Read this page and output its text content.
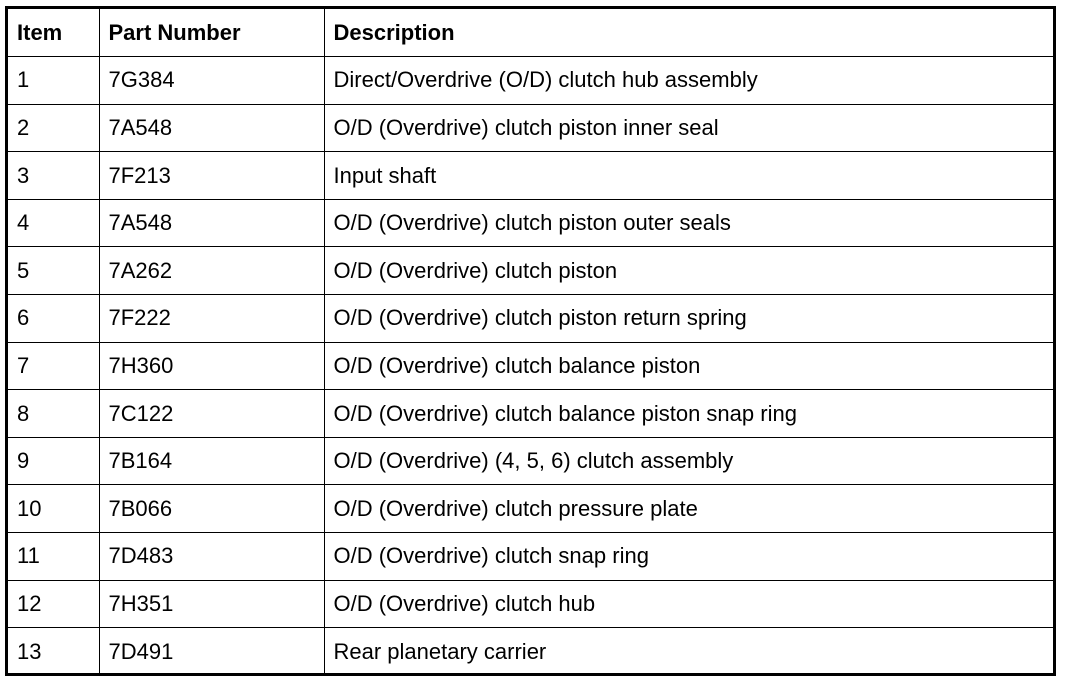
Item	Part Number	Description
1	7G384	Direct/Overdrive (O/D) clutch hub assembly
2	7A548	O/D (Overdrive) clutch piston inner seal
3	7F213	Input shaft
4	7A548	O/D (Overdrive) clutch piston outer seals
5	7A262	O/D (Overdrive) clutch piston
6	7F222	O/D (Overdrive) clutch piston return spring
7	7H360	O/D (Overdrive) clutch balance piston
8	7C122	O/D (Overdrive) clutch balance piston snap ring
9	7B164	O/D (Overdrive) (4, 5, 6) clutch assembly
10	7B066	O/D (Overdrive) clutch pressure plate
11	7D483	O/D (Overdrive) clutch snap ring
12	7H351	O/D (Overdrive) clutch hub
13	7D491	Rear planetary carrier
